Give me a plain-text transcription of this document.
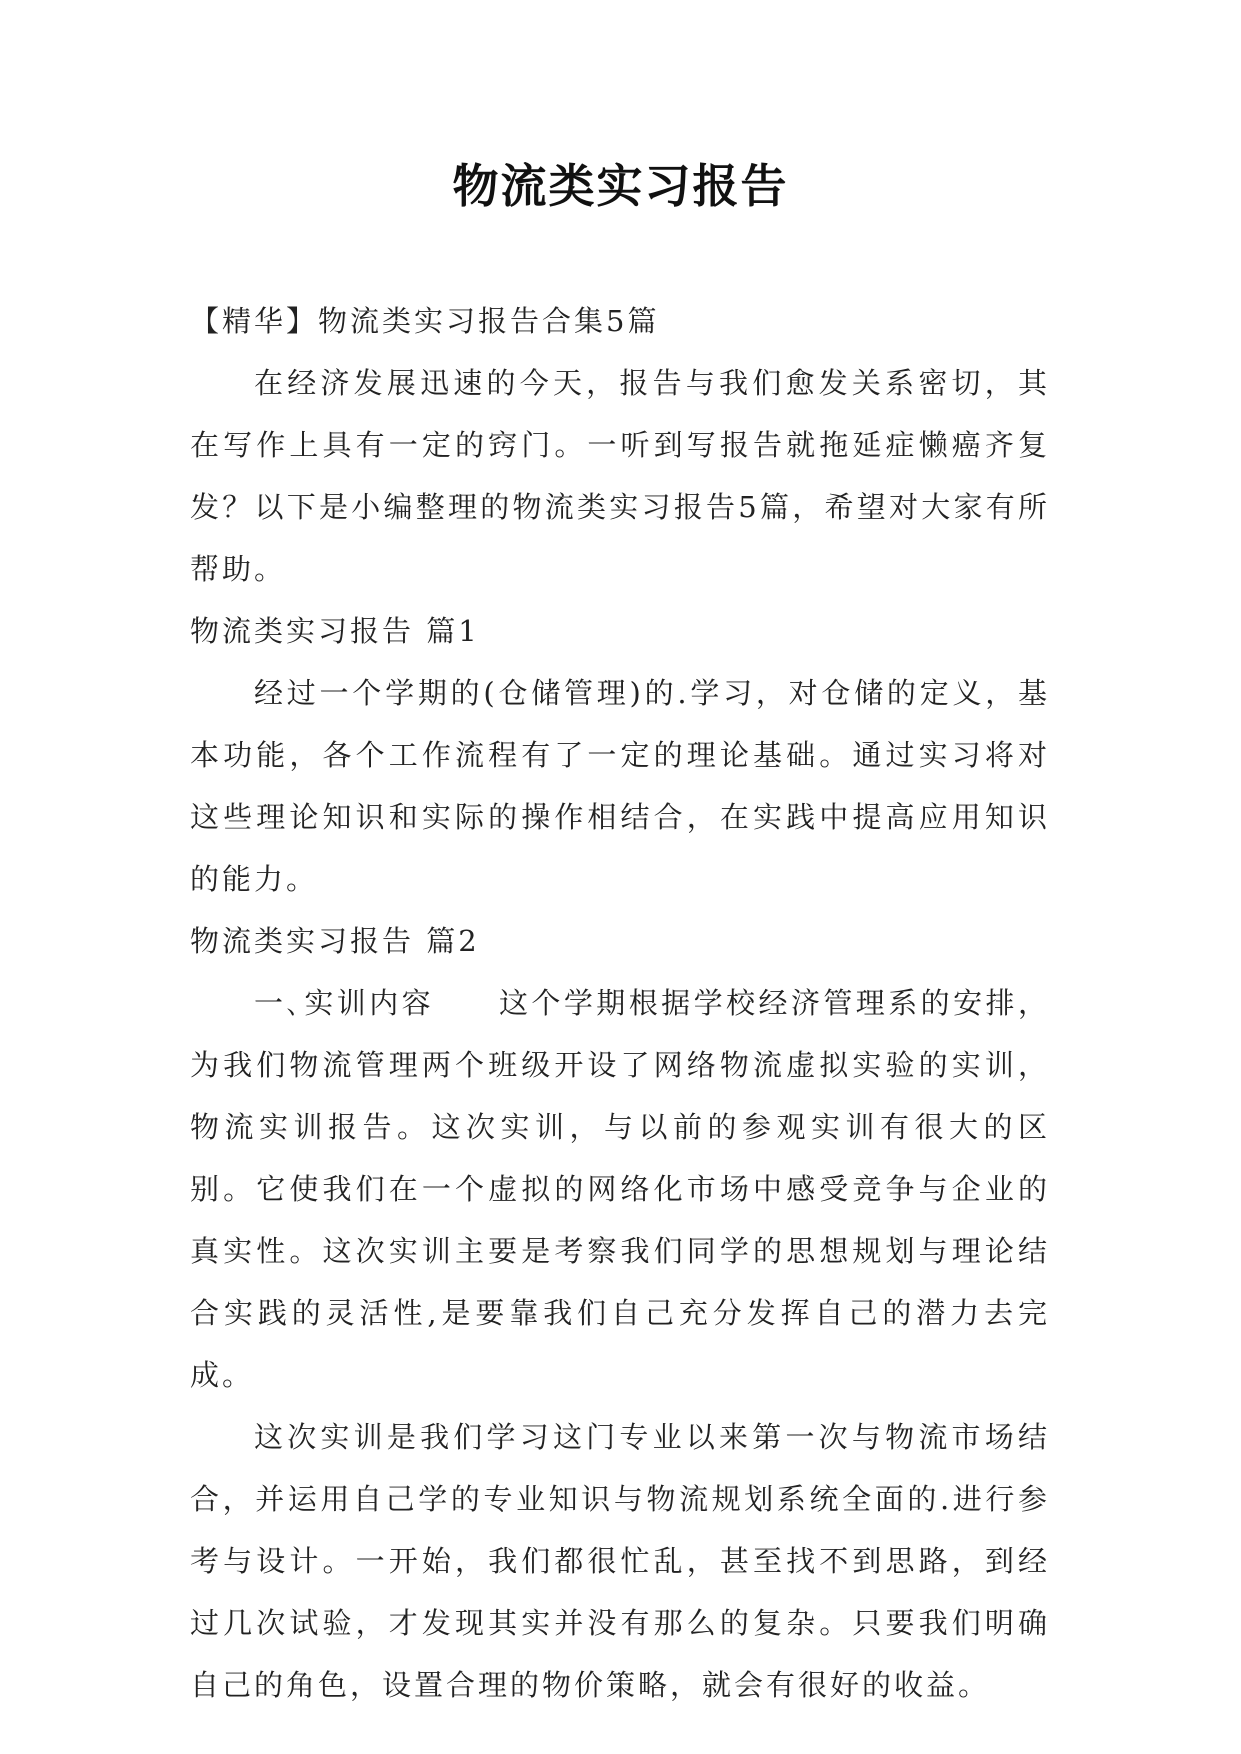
物流类实习报告

【精华】物流类实习报告合集5篇

在经济发展迅速的今天，报告与我们愈发关系密切，其在写作上具有一定的窍门。一听到写报告就拖延症懒癌齐复发？以下是小编整理的物流类实习报告5篇，希望对大家有所帮助。

物流类实习报告 篇1

经过一个学期的(仓储管理)的.学习，对仓储的定义，基本功能，各个工作流程有了一定的理论基础。通过实习将对这些理论知识和实际的操作相结合，在实践中提高应用知识的能力。

物流类实习报告 篇2

一､实训内容　　这个学期根据学校经济管理系的安排，为我们物流管理两个班级开设了网络物流虚拟实验的实训，物流实训报告。这次实训，与以前的参观实训有很大的区别。它使我们在一个虚拟的网络化市场中感受竞争与企业的真实性。这次实训主要是考察我们同学的思想规划与理论结合实践的灵活性,是要靠我们自己充分发挥自己的潜力去完成。

这次实训是我们学习这门专业以来第一次与物流市场结合，并运用自己学的专业知识与物流规划系统全面的.进行参考与设计。一开始，我们都很忙乱，甚至找不到思路，到经过几次试验，才发现其实并没有那么的复杂。只要我们明确自己的角色，设置合理的物价策略，就会有很好的收益。
